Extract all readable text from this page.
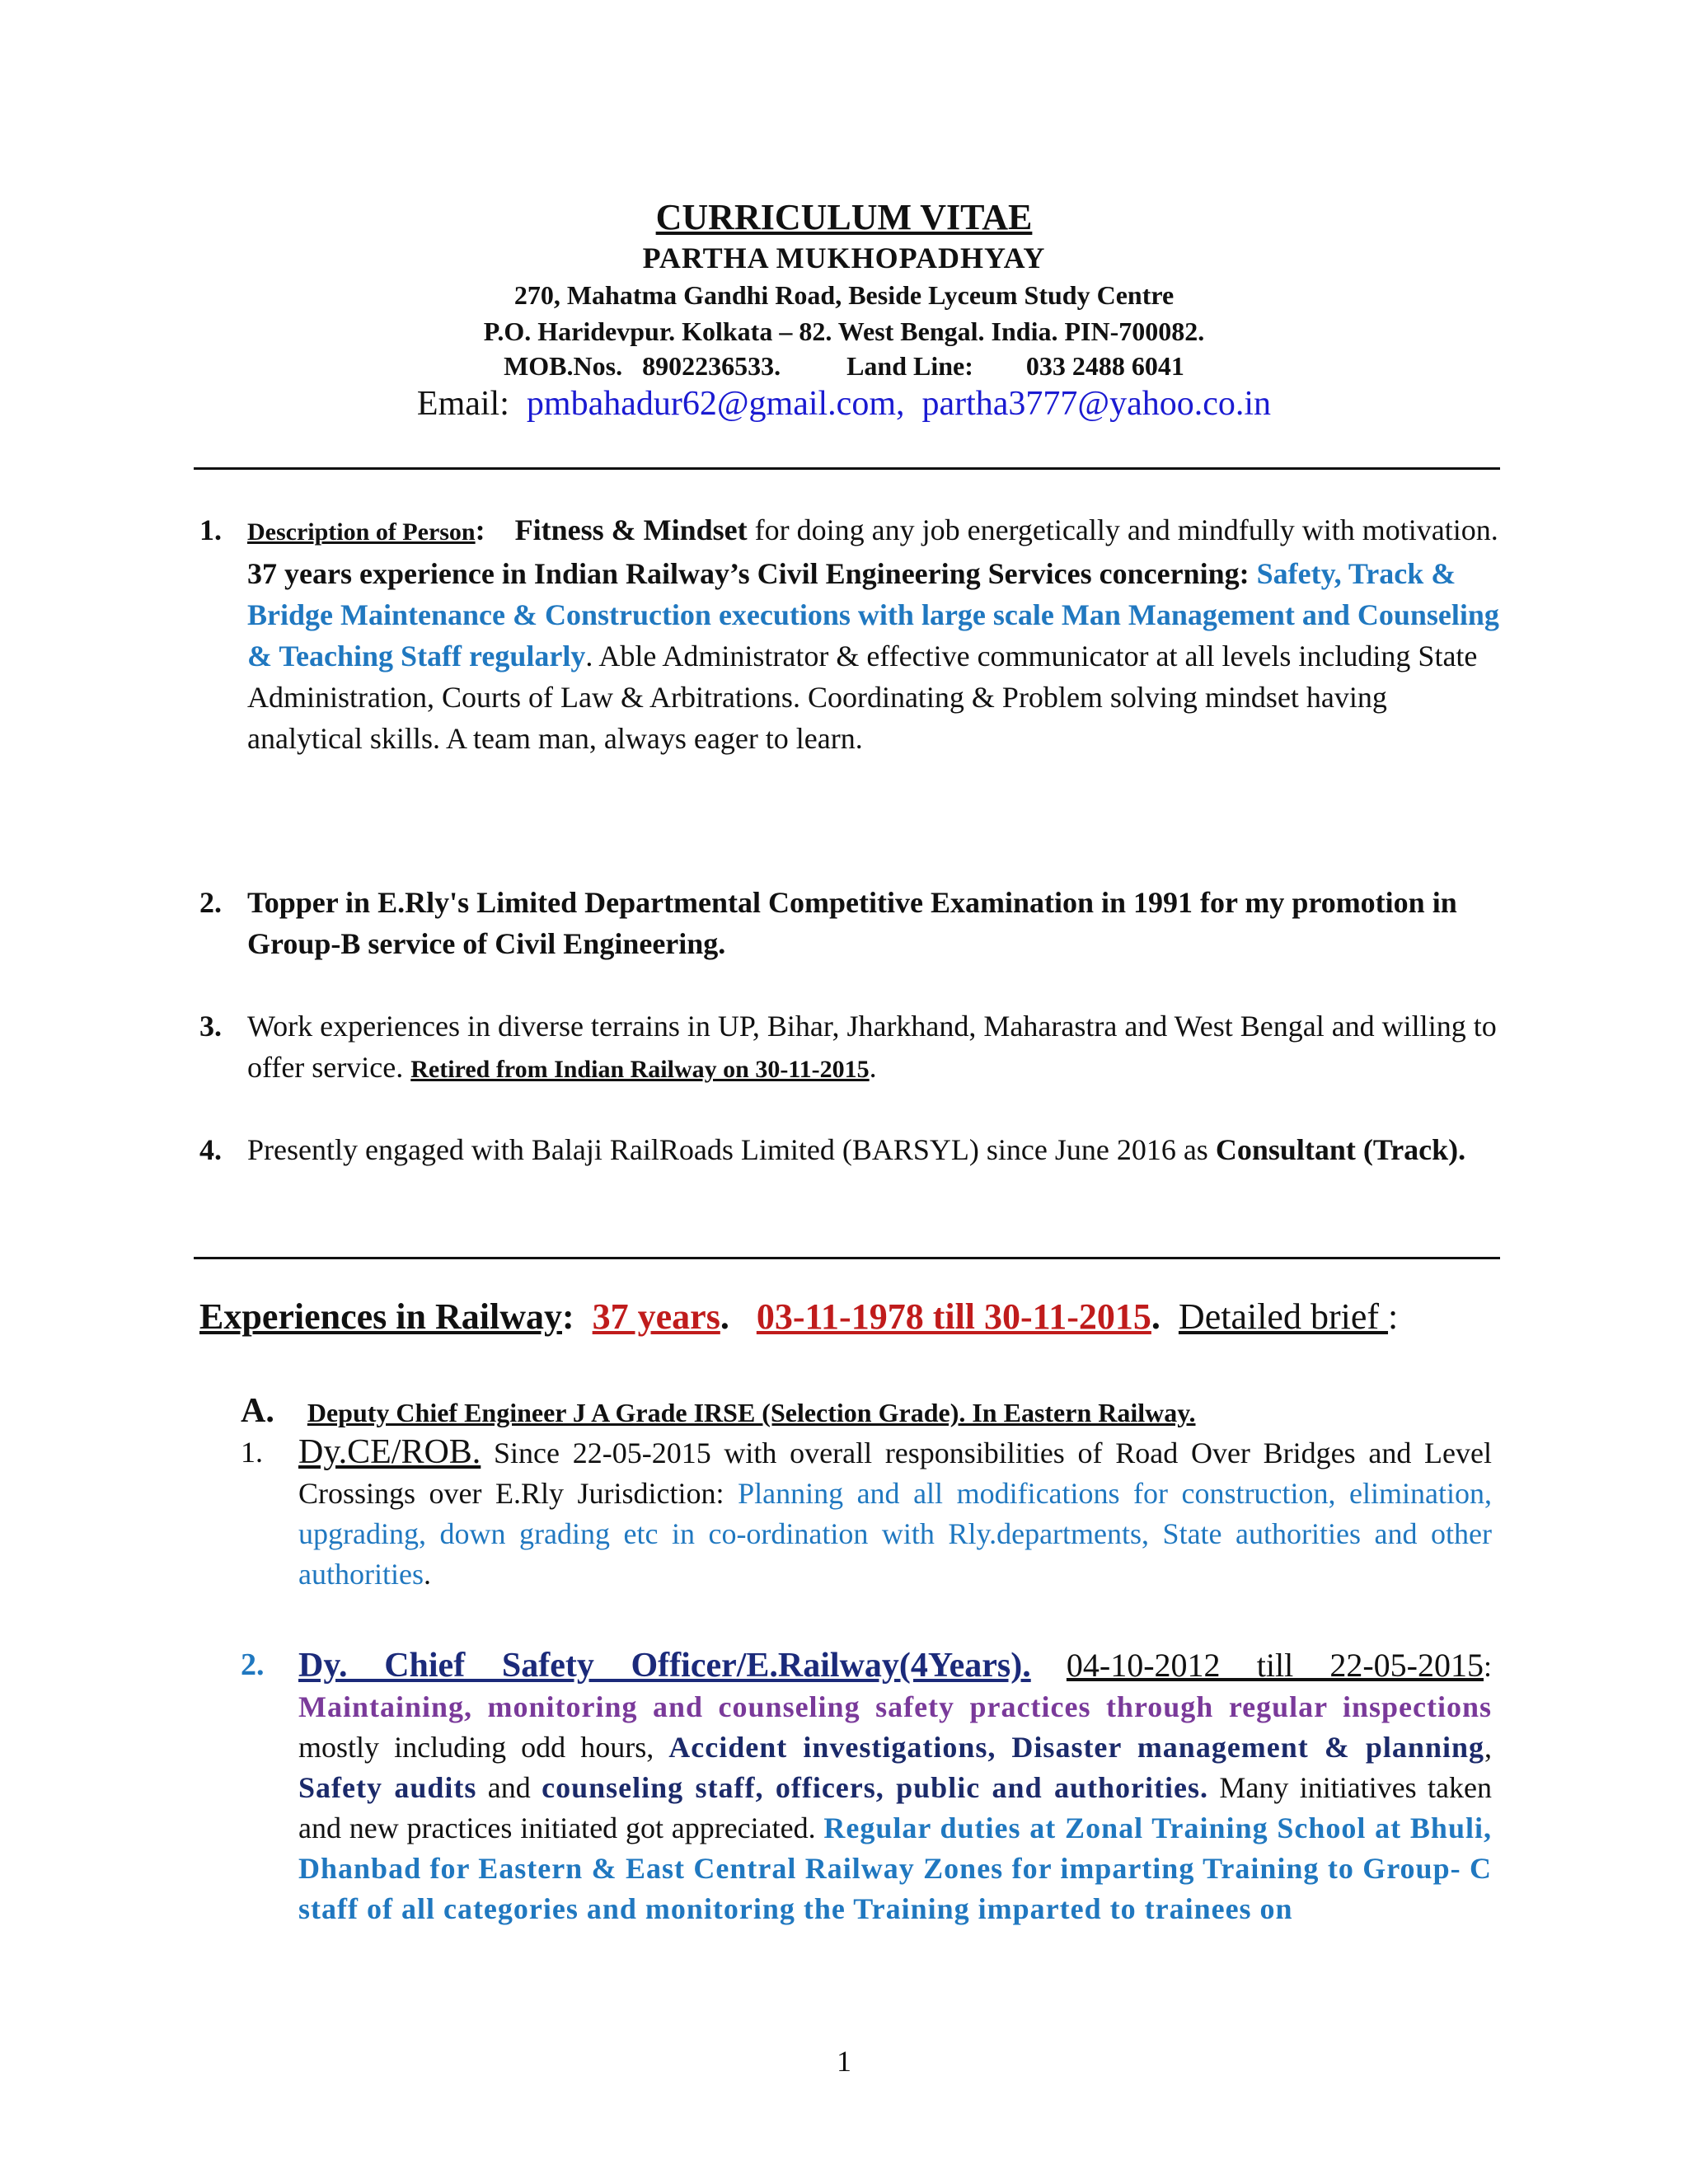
CURRICULUM VITAE
PARTHA MUKHOPADHYAY
270, Mahatma Gandhi Road, Beside Lyceum Study Centre
P.O. Haridevpur. Kolkata – 82. West Bengal. India. PIN-700082.
MOB.Nos. 8902236533.	Land Line: 033 2488 6041
Email: pmbahadur62@gmail.com, partha3777@yahoo.co.in
1. Description of Person: Fitness & Mindset for doing any job energetically and mindfully with motivation. 37 years experience in Indian Railway’s Civil Engineering Services concerning: Safety, Track & Bridge Maintenance & Construction executions with large scale Man Management and Counseling & Teaching Staff regularly. Able Administrator & effective communicator at all levels including State Administration, Courts of Law & Arbitrations. Coordinating & Problem solving mindset having analytical skills. A team man, always eager to learn.
2. Topper in E.Rly's Limited Departmental Competitive Examination in 1991 for my promotion in Group-B service of Civil Engineering.
3. Work experiences in diverse terrains in UP, Bihar, Jharkhand, Maharastra and West Bengal and willing to offer service. Retired from Indian Railway on 30-11-2015.
4. Presently engaged with Balaji RailRoads Limited (BARSYL) since June 2016 as Consultant (Track).
Experiences in Railway: 37 years. 03-11-1978 till 30-11-2015. Detailed brief :
A. Deputy Chief Engineer J A Grade IRSE (Selection Grade). In Eastern Railway.
1. Dy.CE/ROB. Since 22-05-2015 with overall responsibilities of Road Over Bridges and Level Crossings over E.Rly Jurisdiction: Planning and all modifications for construction, elimination, upgrading, down grading etc in co-ordination with Rly.departments, State authorities and other authorities.
2. Dy. Chief Safety Officer/E.Railway(4Years). 04-10-2012 till 22-05-2015: Maintaining, monitoring and counseling safety practices through regular inspections mostly including odd hours, Accident investigations, Disaster management & planning, Safety audits and counseling staff, officers, public and authorities. Many initiatives taken and new practices initiated got appreciated. Regular duties at Zonal Training School at Bhuli, Dhanbad for Eastern & East Central Railway Zones for imparting Training to Group- C staff of all categories and monitoring the Training imparted to trainees on
1
